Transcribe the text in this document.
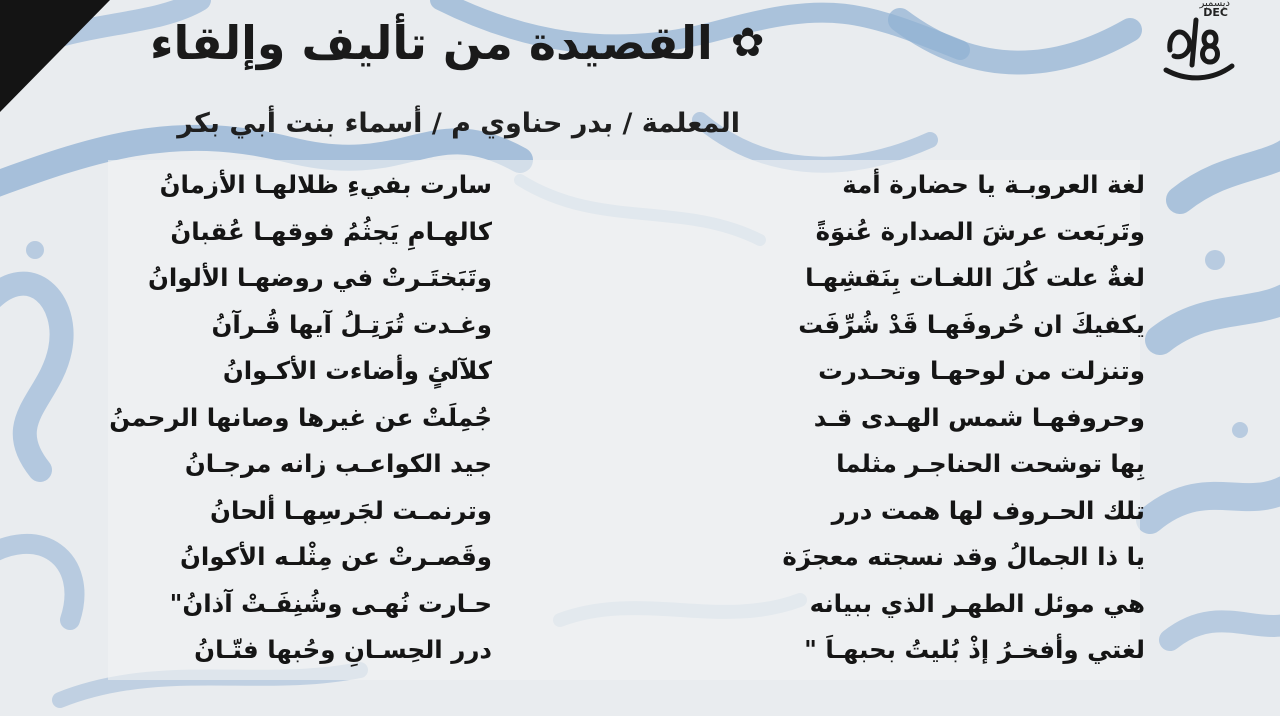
✿
القصيدة من تأليف وإلقاء
المعلمة / بدر حناوي م / أسماء بنت أبي بكر
ديسمبر
DEC
لغة العروبـة يا حضارة أمة
وتَربَعت عرشَ الصدارة عُنوَةً
لغةٌ علت كُلَ اللغـات بِنَقشِهـا
يكفيكَ ان حُروفَهـا قَدْ شُرِّفَت
وتنزلت من لوحهـا وتحـدرت
وحروفهـا شمس الهـدى قـد
بِها توشحت الحناجـر مثلما
تلك الحـروف لها همت درر
يا ذا الجمالُ وقد نسجته معجزَة
هي موئل الطهـر الذي ببيانه
لغتي وأفخـرُ إذْ بُليتُ بحبهـاَ "
سارت بفيءِ ظلالهـا الأزمانُ
كالهـامِ يَجثُمُ فوقهـا عُقبانُ
وتَبَختَـرتْ في روضهـا الألوانُ
وغـدت تُرَتِـلُ آيها قُـرآنُ
كلآلئٍ وأضاءت الأكـوانُ
جُمِلَتْ عن غيرها وصانها الرحمنُ
جيد الكواعـب زانه مرجـانُ
وترنمـت لجَرسِهـا ألحانُ
وقَصـرتْ عن مِثْلـه الأكوانُ
حـارت نُهـى وشُنِفَـتْ آذانُ"
درر الحِسـانِ وحُبها فتّـانُ
